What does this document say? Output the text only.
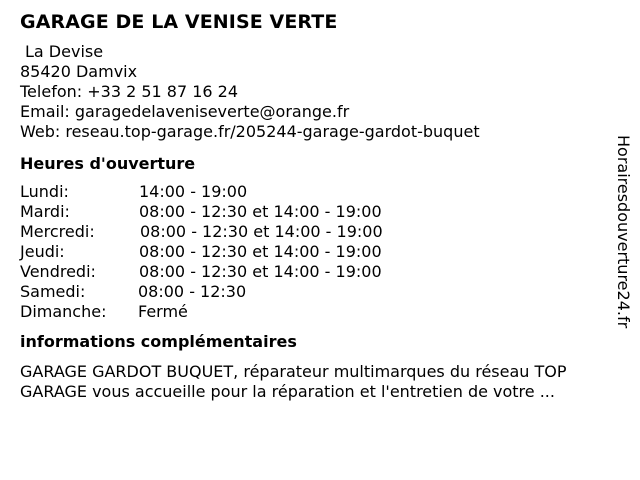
GARAGE DE LA VENISE VERTE
La Devise
85420 Damvix
Telefon: +33 2 51 87 16 24
Email: garagedelaveniseverte@orange.fr
Web: reseau.top-garage.fr/205244-garage-gardot-buquet
Heures d'ouverture
Lundi:	14:00 - 19:00
Mardi:	08:00 - 12:30 et 14:00 - 19:00
Mercredi:	08:00 - 12:30 et 14:00 - 19:00
Jeudi:	08:00 - 12:30 et 14:00 - 19:00
Vendredi:	08:00 - 12:30 et 14:00 - 19:00
Samedi:	08:00 - 12:30
Dimanche: Fermé
informations complémentaires
GARAGE GARDOT BUQUET, réparateur multimarques du réseau TOP GARAGE vous accueille pour la réparation et l'entretien de votre ...
Horairesdouverture24.fr
